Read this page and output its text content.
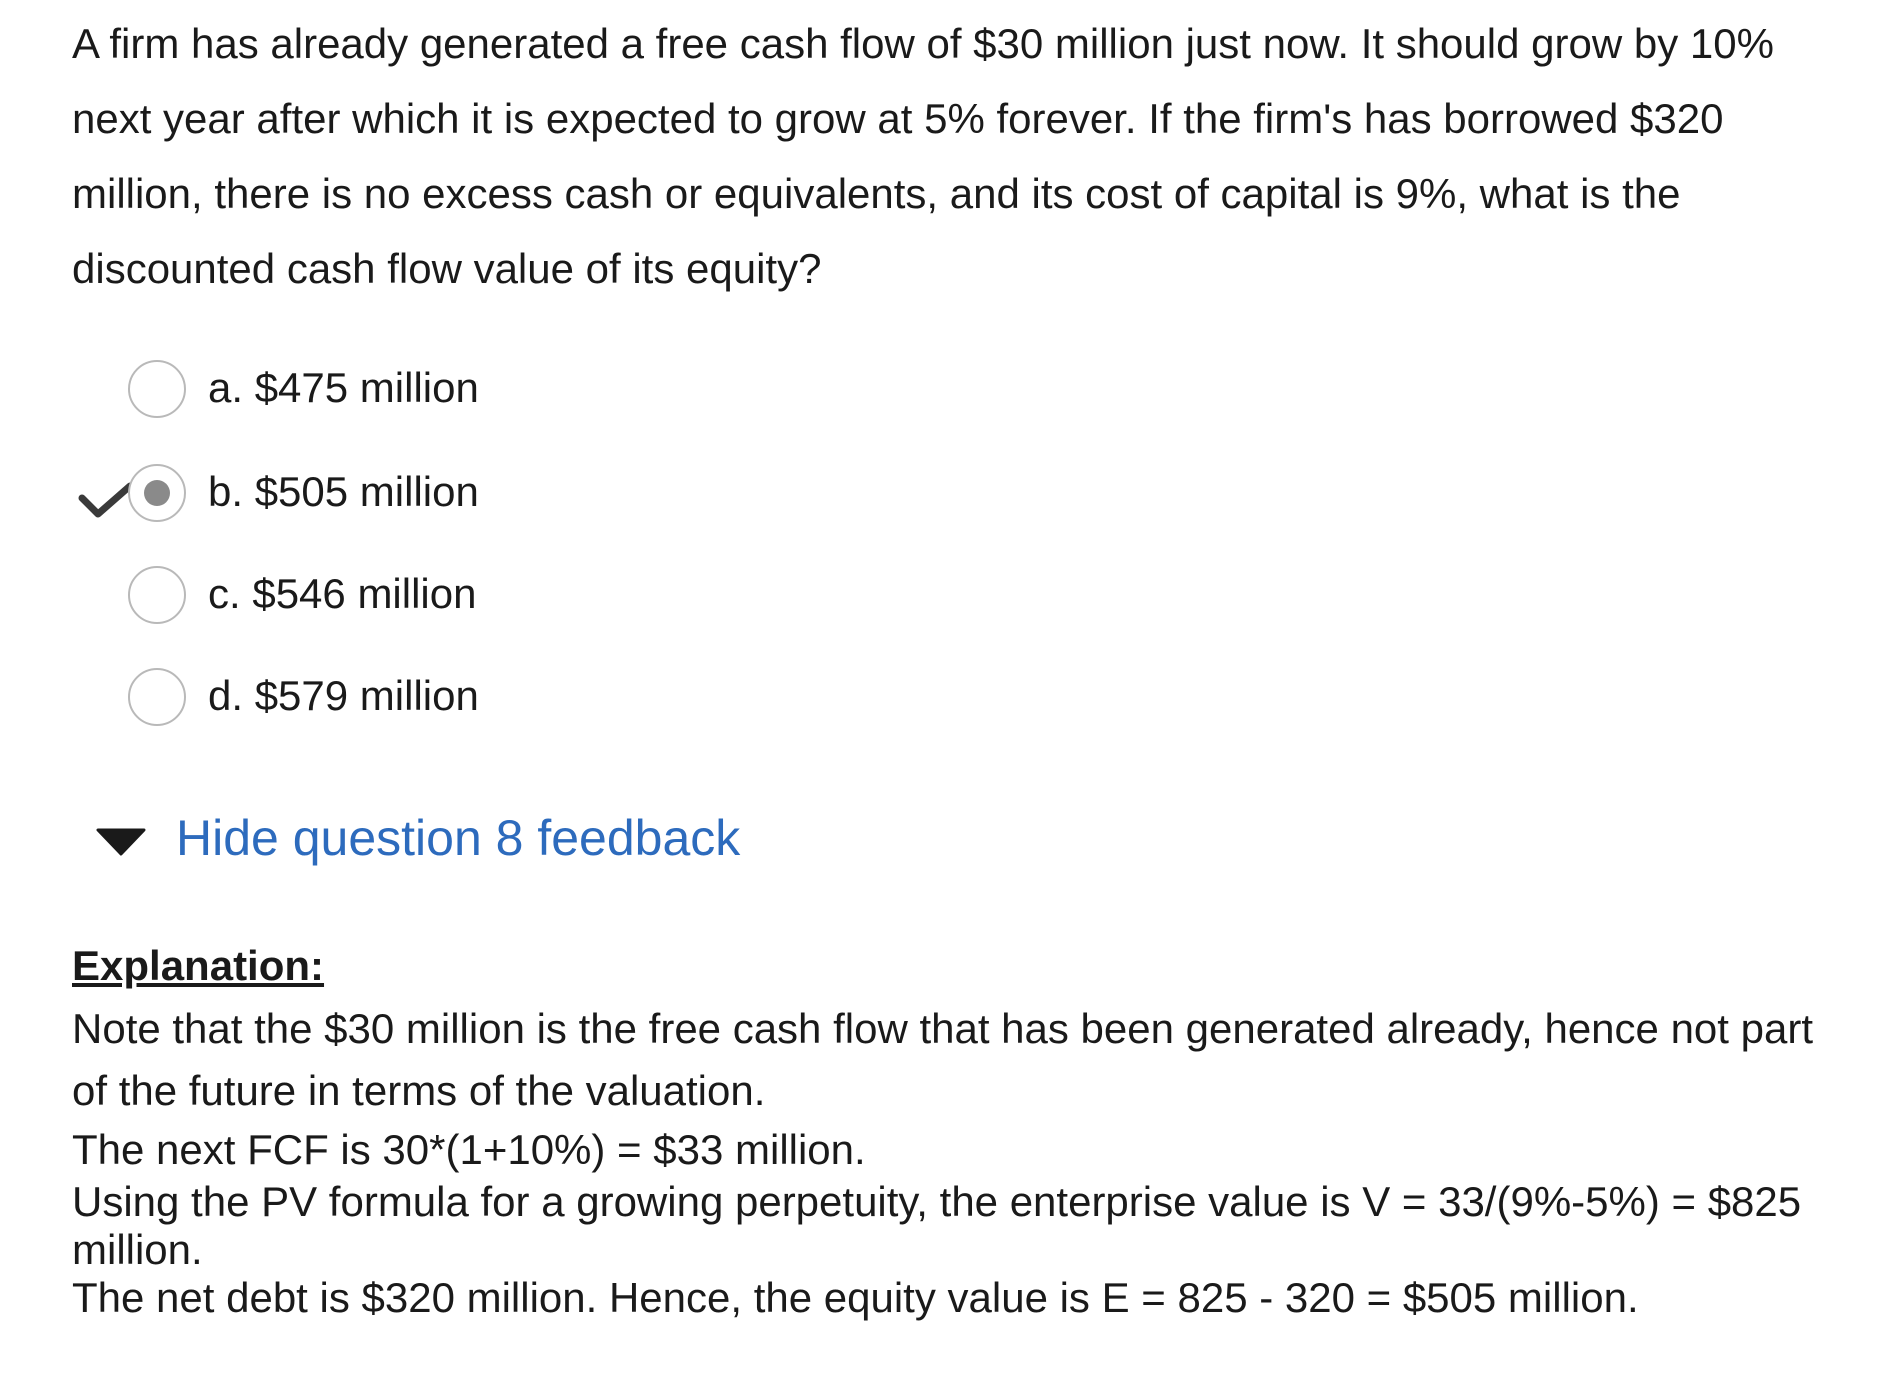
A firm has already generated a free cash flow of $30 million just now. It should grow by 10% next year after which it is expected to grow at 5% forever. If the firm's has borrowed $320 million, there is no excess cash or equivalents, and its cost of capital is 9%, what is the discounted cash flow value of its equity?

a. $475 million
b. $505 million
c. $546 million
d. $579 million
Hide question 8 feedback

Explanation:

Note that the $30 million is the free cash flow that has been generated already, hence not part of the future in terms of the valuation.

The next FCF is 30*(1+10%) = $33 million.

Using the PV formula for a growing perpetuity, the enterprise value is V = 33/(9%-5%) = $825 million.

The net debt is $320 million. Hence, the equity value is E = 825 - 320 = $505 million.
